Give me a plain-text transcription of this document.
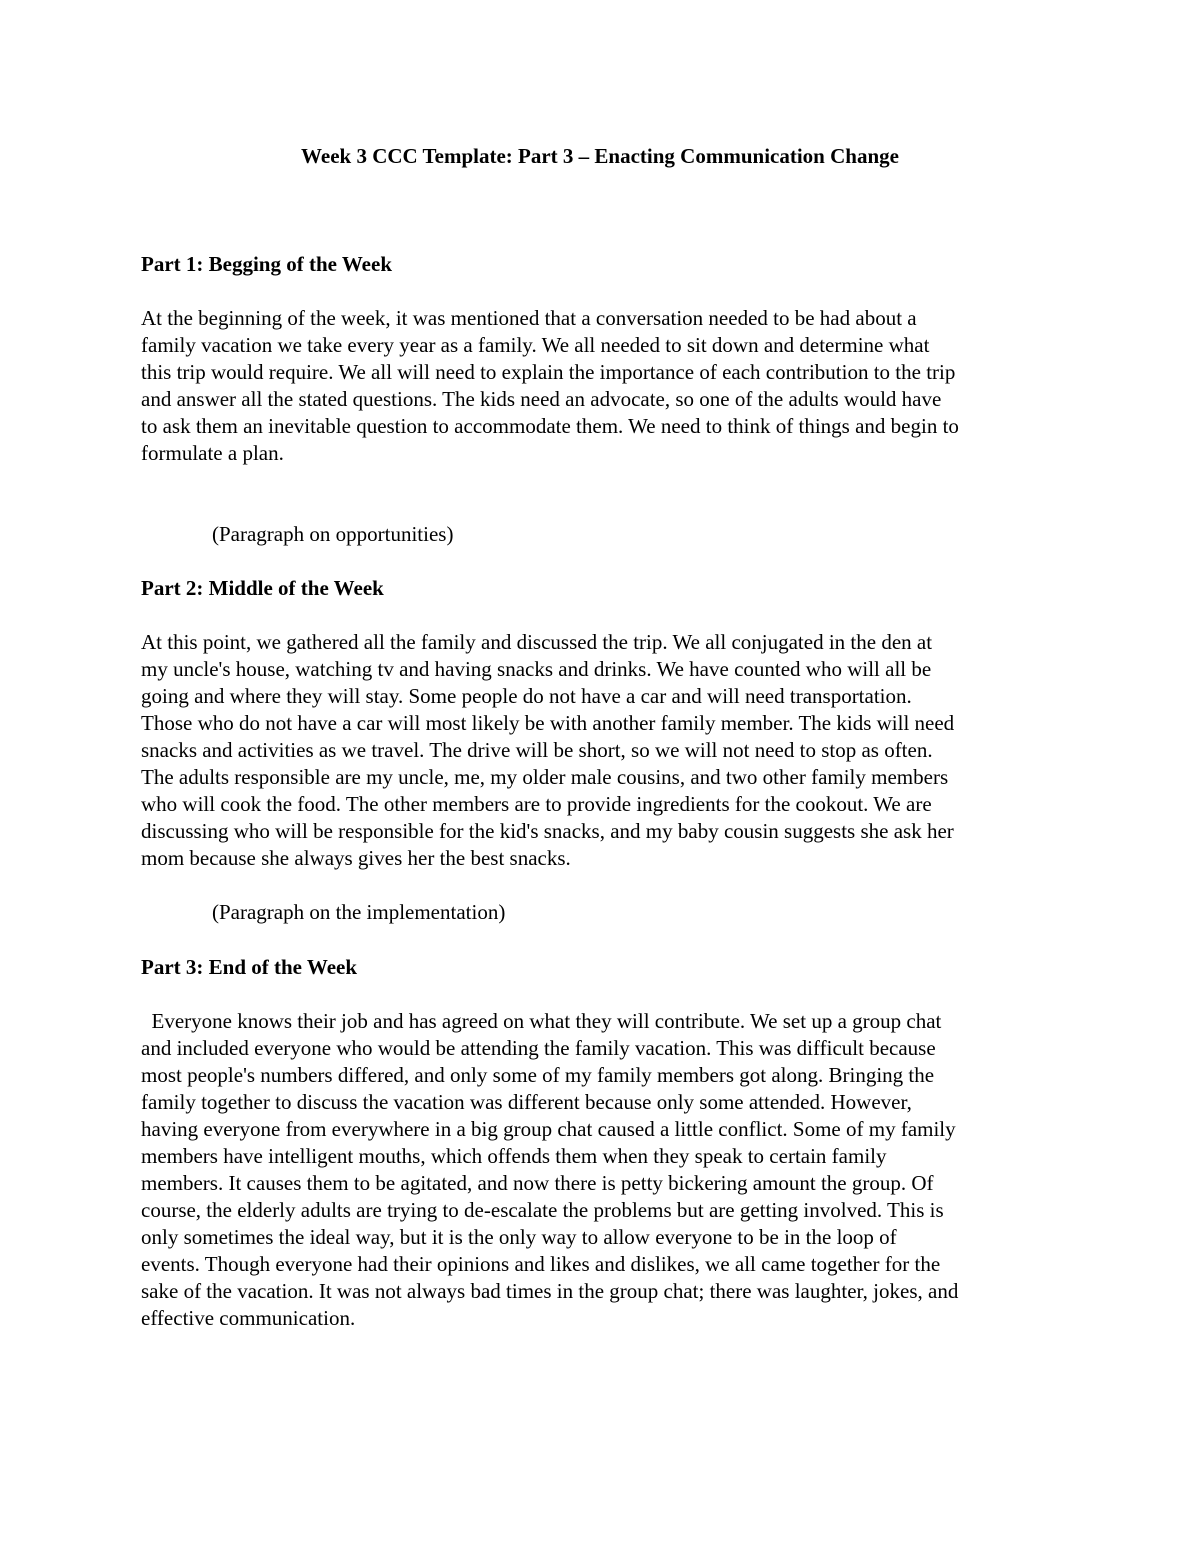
Week 3 CCC Template: Part 3 – Enacting Communication Change
Part 1: Begging of the Week
At the beginning of the week, it was mentioned that a conversation needed to be had about a
family vacation we take every year as a family. We all needed to sit down and determine what
this trip would require. We all will need to explain the importance of each contribution to the trip
and answer all the stated questions. The kids need an advocate, so one of the adults would have
to ask them an inevitable question to accommodate them. We need to think of things and begin to
formulate a plan.
(Paragraph on opportunities)
Part 2: Middle of the Week
At this point, we gathered all the family and discussed the trip. We all conjugated in the den at
my uncle's house, watching tv and having snacks and drinks. We have counted who will all be
going and where they will stay. Some people do not have a car and will need transportation.
Those who do not have a car will most likely be with another family member. The kids will need
snacks and activities as we travel. The drive will be short, so we will not need to stop as often.
The adults responsible are my uncle, me, my older male cousins, and two other family members
who will cook the food. The other members are to provide ingredients for the cookout. We are
discussing who will be responsible for the kid's snacks, and my baby cousin suggests she ask her
mom because she always gives her the best snacks.
(Paragraph on the implementation)
Part 3: End of the Week
Everyone knows their job and has agreed on what they will contribute. We set up a group chat
and included everyone who would be attending the family vacation. This was difficult because
most people's numbers differed, and only some of my family members got along. Bringing the
family together to discuss the vacation was different because only some attended. However,
having everyone from everywhere in a big group chat caused a little conflict. Some of my family
members have intelligent mouths, which offends them when they speak to certain family
members. It causes them to be agitated, and now there is petty bickering amount the group. Of
course, the elderly adults are trying to de-escalate the problems but are getting involved. This is
only sometimes the ideal way, but it is the only way to allow everyone to be in the loop of
events. Though everyone had their opinions and likes and dislikes, we all came together for the
sake of the vacation. It was not always bad times in the group chat; there was laughter, jokes, and
effective communication.
